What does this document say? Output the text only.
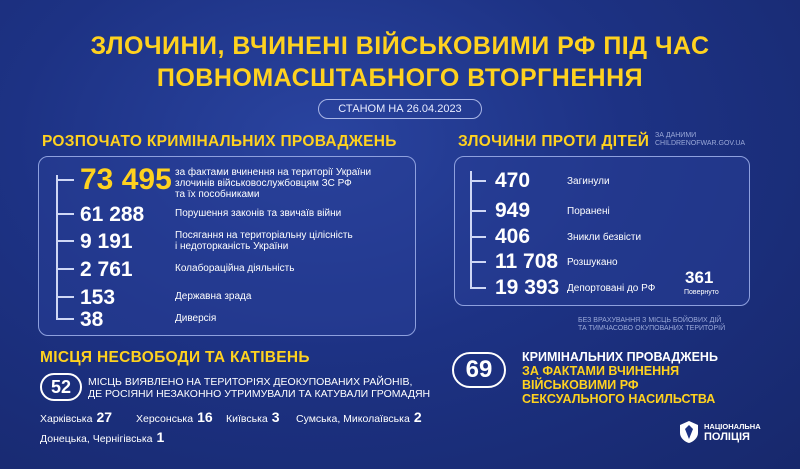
ЗЛОЧИНИ, ВЧИНЕНІ ВІЙСЬКОВИМИ РФ ПІД ЧАС
ПОВНОМАСШТАБНОГО ВТОРГНЕННЯ
СТАНОМ НА 26.04.2023
РОЗПОЧАТО КРИМІНАЛЬНИХ ПРОВАДЖЕНЬ
73 495 за фактами вчинення на території України
злочинів військовослужбовцям ЗС РФ
та їх пособниками
61 288	Порушення законів та звичаїв війни
9 191	Посягання на територіальну цілісність
і недоторканість України
2 761	Колабораційна діяльність
153	Державна зрада
38	Диверсія
ЗЛОЧИНИ ПРОТИ ДІТЕЙ ЗА ДАНИМИ
CHILDRENOFWAR.GOV.UA
470	Загинули
949	Поранені
406	Зникли безвісти
11 708 Розшукано
19 393 Депортовані до РФ
361
Повернуто
БЕЗ ВРАХУВАННЯ З МІСЦЬ БОЙОВИХ ДІЙ
ТА ТИМЧАСОВО ОКУПОВАНИХ ТЕРИТОРІЙ
МІСЦЯ НЕСВОБОДИ ТА КАТІВЕНЬ
52	МІСЦЬ ВИЯВЛЕНО НА ТЕРИТОРІЯХ ДЕОКУПОВАНИХ РАЙОНІВ,
ДЕ РОСІЯНИ НЕЗАКОННО УТРИМУВАЛИ ТА КАТУВАЛИ ГРОМАДЯН
Харківська 27 Херсонська 16 Київська 3 Сумська, Миколаївська 2
Донецька, Чернігівська 1
69	КРИМІНАЛЬНИХ ПРОВАДЖЕНЬ
ЗА ФАКТАМИ ВЧИНЕННЯ
ВІЙСЬКОВИМИ РФ
СЕКСУАЛЬНОГО НАСИЛЬСТВА
НАЦІОНАЛЬНА
ПОЛІЦІЯ
